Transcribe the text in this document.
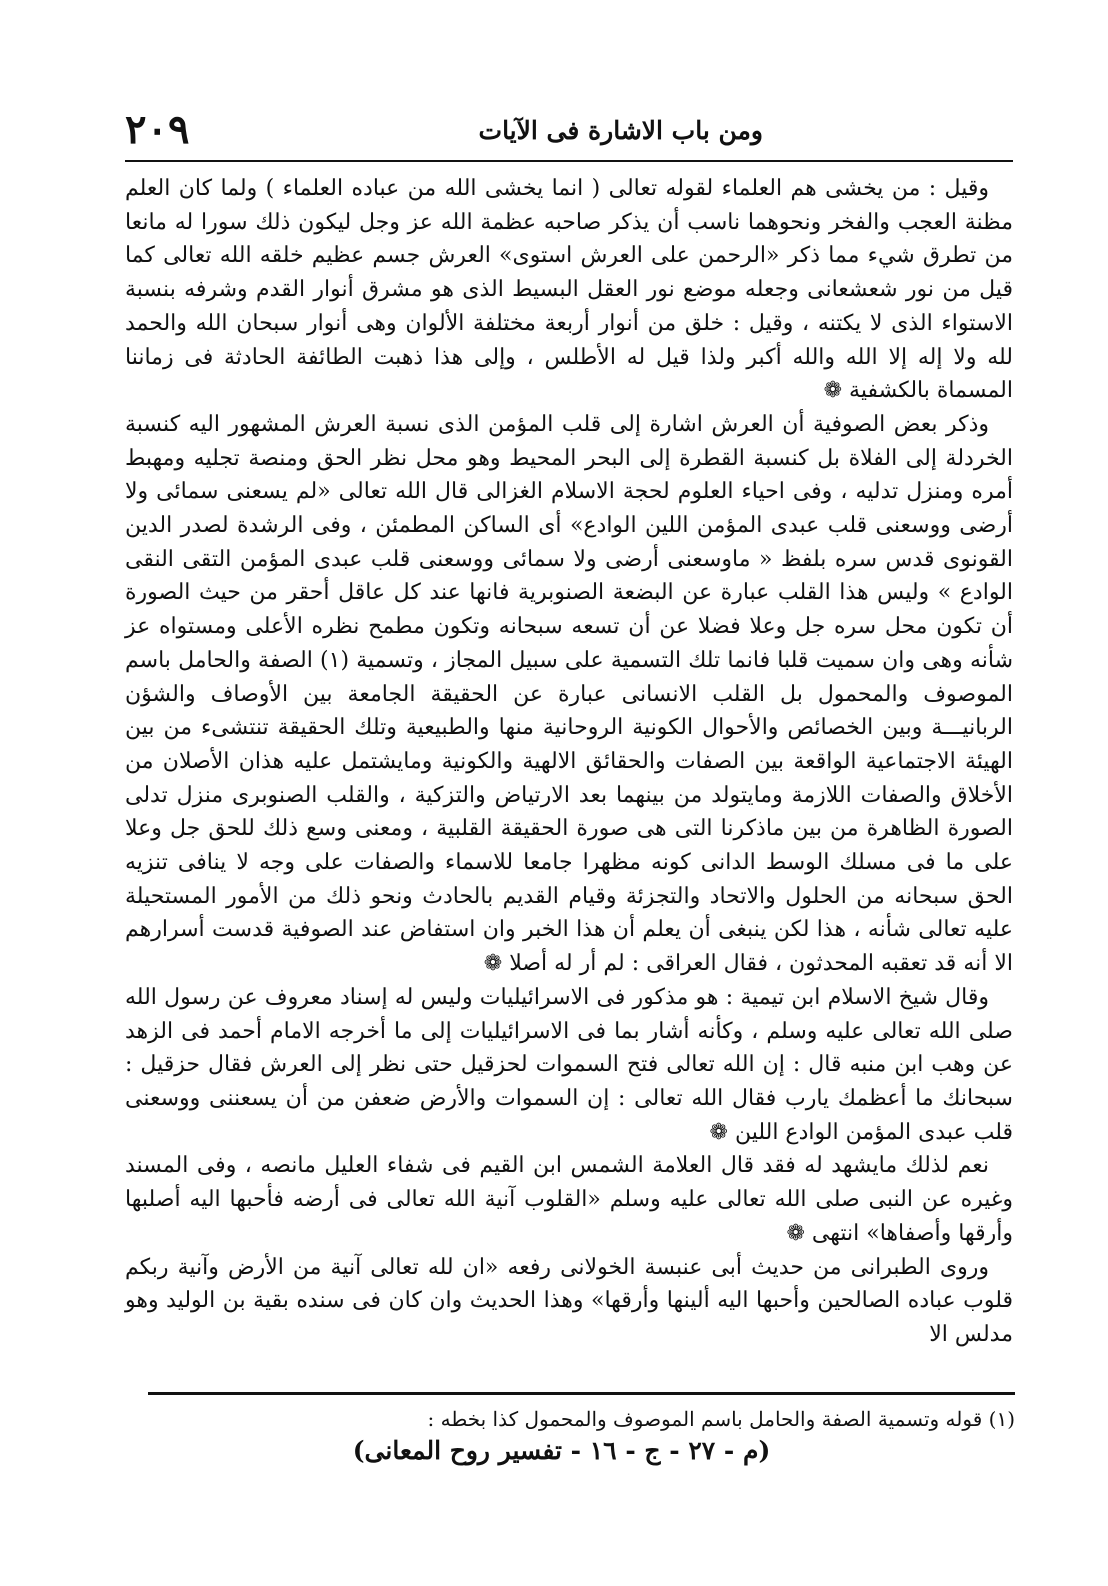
ومن باب الاشارة فى الآيات
٢٠٩

وقيل : من يخشى هم العلماء لقوله تعالى ( انما يخشى الله من عباده العلماء ) ولما كان العلم مظنة العجب والفخر ونحوهما ناسب أن يذكر صاحبه عظمة الله عز وجل ليكون ذلك سورا له مانعا من تطرق شيء مما ذكر «الرحمن على العرش استوى» العرش جسم عظيم خلقه الله تعالى كما قيل من نور شعشعانى وجعله موضع نور العقل البسيط الذى هو مشرق أنوار القدم وشرفه بنسبة الاستواء الذى لا يكتنه ، وقيل : خلق من أنوار أربعة مختلفة الألوان وهى أنوار سبحان الله والحمد لله ولا إله إلا الله والله أكبر ولذا قيل له الأطلس ، وإلى هذا ذهبت الطائفة الحادثة فى زماننا المسماة بالكشفية ❁

وذكر بعض الصوفية أن العرش اشارة إلى قلب المؤمن الذى نسبة العرش المشهور اليه كنسبة الخردلة إلى الفلاة بل كنسبة القطرة إلى البحر المحيط وهو محل نظر الحق ومنصة تجليه ومهبط أمره ومنزل تدليه ، وفى احياء العلوم لحجة الاسلام الغزالى قال الله تعالى «لم يسعنى سمائى ولا أرضى ووسعنى قلب عبدى المؤمن اللين الوادع» أى الساكن المطمئن ، وفى الرشدة لصدر الدين القونوى قدس سره بلفظ « ماوسعنى أرضى ولا سمائى ووسعنى قلب عبدى المؤمن التقى النقى الوادع » وليس هذا القلب عبارة عن البضعة الصنوبرية فانها عند كل عاقل أحقر من حيث الصورة أن تكون محل سره جل وعلا فضلا عن أن تسعه سبحانه وتكون مطمح نظره الأعلى ومستواه عز شأنه وهى وان سميت قلبا فانما تلك التسمية على سبيل المجاز ، وتسمية (١) الصفة والحامل باسم الموصوف والمحمول بل القلب الانسانى عبارة عن الحقيقة الجامعة بين الأوصاف والشؤن الربانيـــة وبين الخصائص والأحوال الكونية الروحانية منها والطبيعية وتلك الحقيقة تنتشىء من بين الهيئة الاجتماعية الواقعة بين الصفات والحقائق الالهية والكونية ومايشتمل عليه هذان الأصلان من الأخلاق والصفات اللازمة ومايتولد من بينهما بعد الارتياض والتزكية ، والقلب الصنوبرى منزل تدلى الصورة الظاهرة من بين ماذكرنا التى هى صورة الحقيقة القلبية ، ومعنى وسع ذلك للحق جل وعلا على ما فى مسلك الوسط الدانى كونه مظهرا جامعا للاسماء والصفات على وجه لا ينافى تنزيه الحق سبحانه من الحلول والاتحاد والتجزئة وقيام القديم بالحادث ونحو ذلك من الأمور المستحيلة عليه تعالى شأنه ، هذا لكن ينبغى أن يعلم أن هذا الخبر وان استفاض عند الصوفية قدست أسرارهم الا أنه قد تعقبه المحدثون ، فقال العراقى : لم أر له أصلا ❁

وقال شيخ الاسلام ابن تيمية : هو مذكور فى الاسرائيليات وليس له إسناد معروف عن رسول الله صلى الله تعالى عليه وسلم ، وكأنه أشار بما فى الاسرائيليات إلى ما أخرجه الامام أحمد فى الزهد عن وهب ابن منبه قال : إن الله تعالى فتح السموات لحزقيل حتى نظر إلى العرش فقال حزقيل : سبحانك ما أعظمك يارب فقال الله تعالى : إن السموات والأرض ضعفن من أن يسعننى ووسعنى قلب عبدى المؤمن الوادع اللين ❁

نعم لذلك مايشهد له فقد قال العلامة الشمس ابن القيم فى شفاء العليل مانصه ، وفى المسند وغيره عن النبى صلى الله تعالى عليه وسلم «القلوب آنية الله تعالى فى أرضه فأحبها اليه أصلبها وأرقها وأصفاها» انتهى ❁

وروى الطبرانى من حديث أبى عنبسة الخولانى رفعه «ان لله تعالى آنية من الأرض وآنية ربكم قلوب عباده الصالحين وأحبها اليه ألينها وأرقها» وهذا الحديث وان كان فى سنده بقية بن الوليد وهو مدلس الا

(١) قوله وتسمية الصفة والحامل باسم الموصوف والمحمول كذا بخطه :
(م - ٢٧ - ج - ١٦ - تفسير روح المعانى)
